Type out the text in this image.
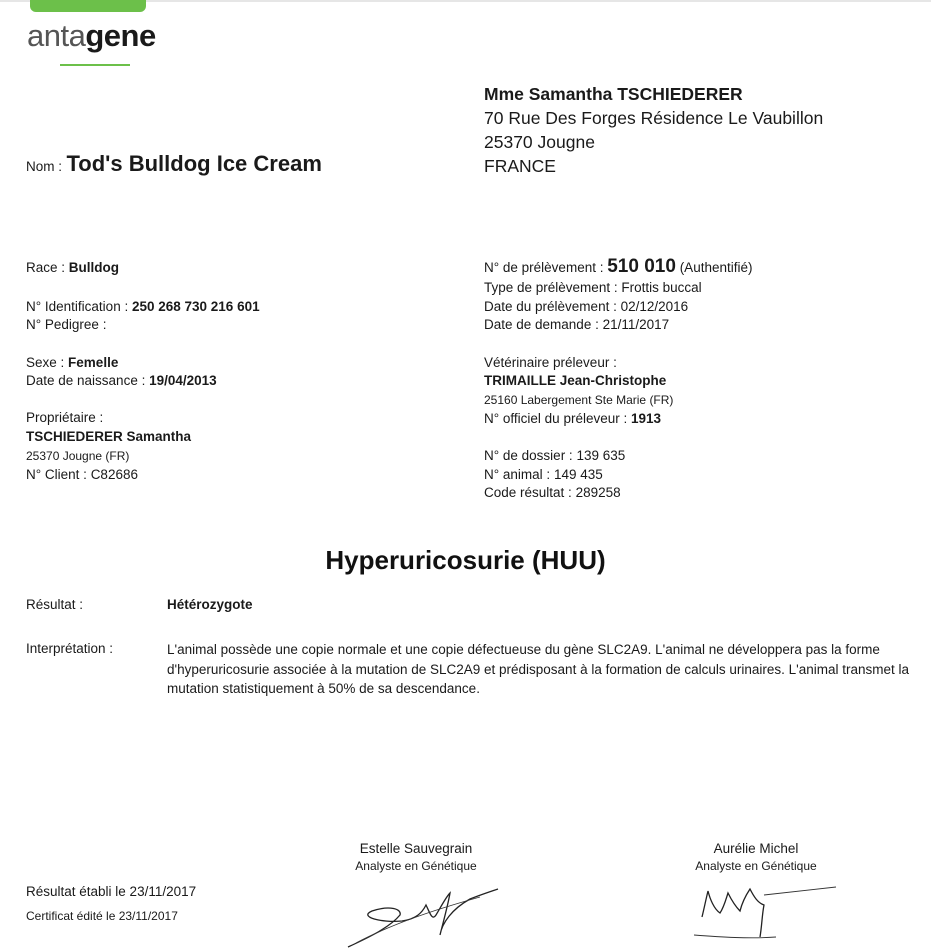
antagene
Mme Samantha TSCHIEDERER
70 Rue Des Forges Résidence Le Vaubillon
25370 Jougne
FRANCE
Nom : Tod's Bulldog Ice Cream
Race : Bulldog
N° Identification : 250 268 730 216 601
N° Pedigree :
Sexe : Femelle
Date de naissance : 19/04/2013
Propriétaire :
TSCHIEDERER Samantha
25370 Jougne (FR)
N° Client : C82686
N° de prélèvement : 510 010 (Authentifié)
Type de prélèvement : Frottis buccal
Date du prélèvement : 02/12/2016
Date de demande : 21/11/2017
Vétérinaire préleveur :
TRIMAILLE Jean-Christophe
25160 Labergement Ste Marie (FR)
N° officiel du préleveur : 1913
N° de dossier : 139 635
N° animal : 149 435
Code résultat : 289258
Hyperuricosurie (HUU)
Résultat :	Hétérozygote
Interprétation :	L'animal possède une copie normale et une copie défectueuse du gène SLC2A9. L'animal ne développera pas la forme d'hyperuricosurie associée à la mutation de SLC2A9 et prédisposant à la formation de calculs urinaires. L'animal transmet la mutation statistiquement à 50% de sa descendance.
Estelle Sauvegrain
Analyste en Génétique
Aurélie Michel
Analyste en Génétique
Résultat établi le 23/11/2017
Certificat édité le 23/11/2017
